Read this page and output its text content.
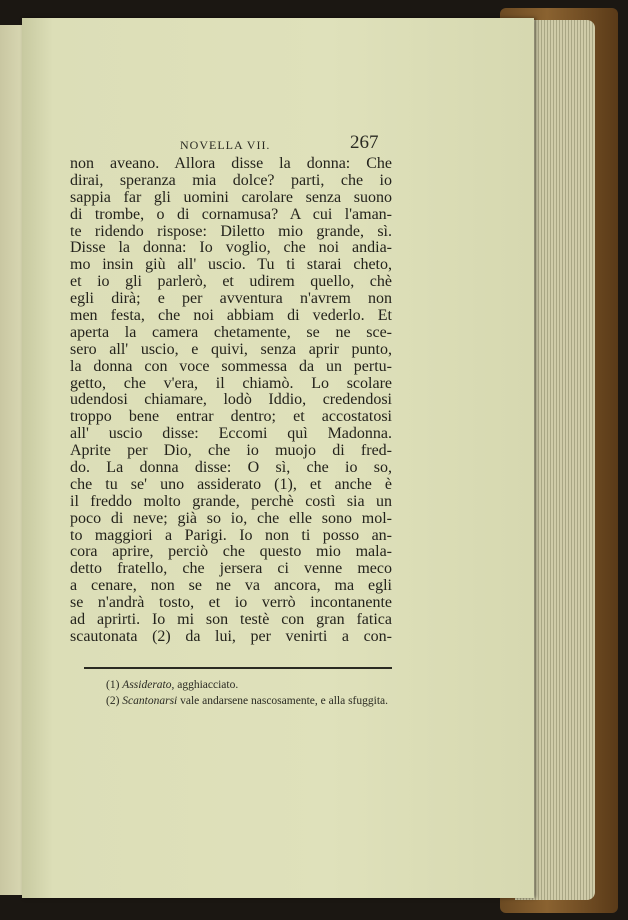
NOVELLA VII.	267
non aveano. Allora disse la donna: Che
dirai, speranza mia dolce? parti, che io
sappia far gli uomini carolare senza suono
di trombe, o di cornamusa? A cui l'aman-
te ridendo rispose: Diletto mio grande, sì.
Disse la donna: Io voglio, che noi andia-
mo insin giù all' uscio. Tu ti starai cheto,
et io gli parlerò, et udirem quello, chè
egli dirà; e per avventura n'avrem non
men festa, che noi abbiam di vederlo. Et
aperta la camera chetamente, se ne sce-
sero all' uscio, e quivi, senza aprir punto,
la donna con voce sommessa da un pertu-
getto, che v'era, il chiamò. Lo scolare
udendosi chiamare, lodò Iddio, credendosi
troppo bene entrar dentro; et accostatosi
all' uscio disse: Eccomi quì Madonna.
Aprite per Dio, che io muojo di fred-
do. La donna disse: O sì, che io so,
che tu se' uno assiderato (1), et anche è
il freddo molto grande, perchè costì sia un
poco di neve; già so io, che elle sono mol-
to maggiori a Parigi. Io non ti posso an-
cora aprire, perciò che questo mio mala-
detto fratello, che jersera ci venne meco
a cenare, non se ne va ancora, ma egli
se n'andrà tosto, et io verrò incontanente
ad aprirti. Io mi son testè con gran fatica
scautonata (2) da lui, per venirti a con-
(1) Assiderato, agghiacciato.
(2) Scantonarsi vale andarsene nascosamente, e alla sfuggita.
